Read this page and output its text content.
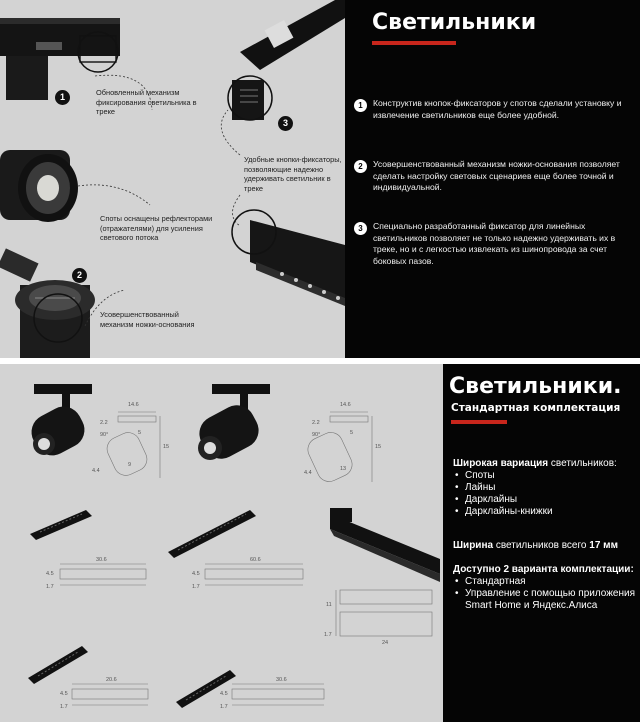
1
2
3
Обновленный механизм фиксирования светильника в треке
Споты оснащены рефлекторами (отражателями) для усиления светового потока
Усовершенствованный механизм ножки-основания
Удобные кнопки-фиксаторы, позволяющие надежно удерживать светильник в треке
Светильники
1	Конструктив кнопок-фиксаторов у спотов сделали установку и извлечение светильников еще более удобной.
2	Усовершенствованный механизм ножки-основания позволяет сделать настройку световых сценариев еще более точной и индивидуальной.
3	Специально разработанный фиксатор для линейных светильников позволяет не только надежно удерживать их в треке, но и с легкостью извлекать из шинопровода за счет боковых пазов.
14.6
2.2
90°
15
4.4
9
5
14.6
2.2
90°
15
4.4
13
5
30.6
4.5
1.7
60.6
4.5
1.7
11
1.7
24
20.6
4.5
1.7
30.6
4.5
1.7
Светильники.
Стандартная комплектация
Широкая вариация светильников:
• Споты
• Лайны
• Дарклайны
• Дарклайны-книжки
Ширина светильников всего 17 мм
Доступно 2 варианта комплектации:
• Стандартная
• Управление с помощью приложения Smart Home и Яндекс.Алиса
